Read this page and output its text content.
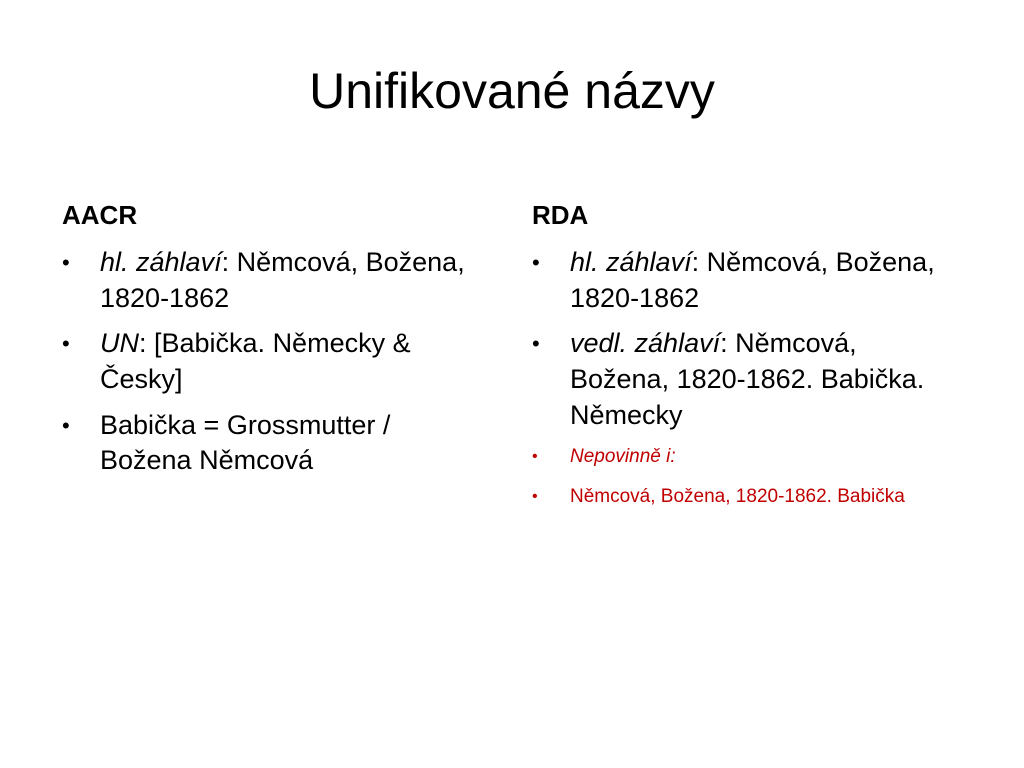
Unifikované názvy
AACR
• hl. záhlaví: Němcová, Božena, 1820-1862
• UN: [Babička. Německy & Česky]
• Babička = Grossmutter / Božena Němcová
RDA
• hl. záhlaví: Němcová, Božena, 1820-1862
• vedl. záhlaví: Němcová, Božena, 1820-1862. Babička. Německy
• Nepovinně i:
• Němcová, Božena, 1820-1862. Babička
